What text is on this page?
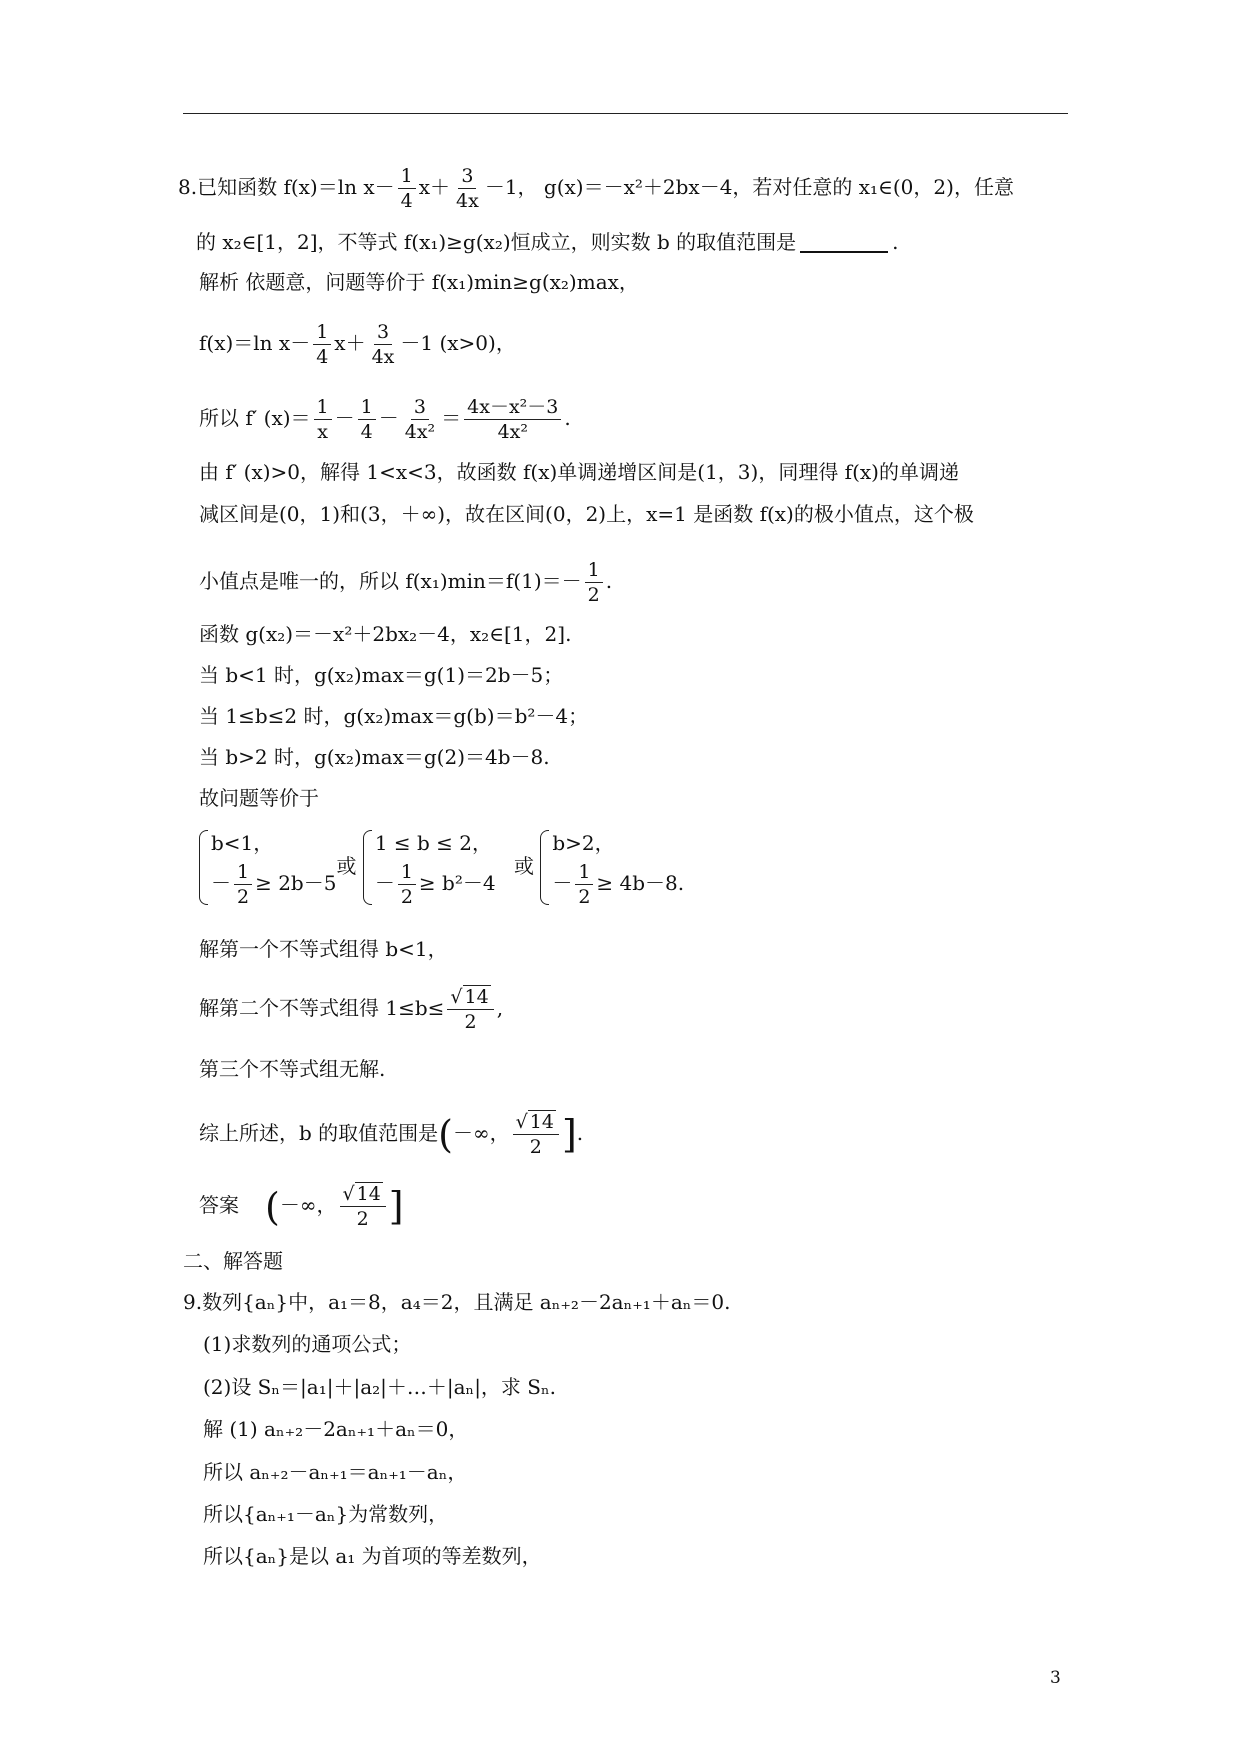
8.已知函数 f(x)＝ln $x- \frac{1}{4} x+ \frac{3}{4x} -1$， g(x)＝－x²＋2bx－4，若对任意的 x₁∈(0，2)，任意
的 x₂∈[1，2]，不等式 f(x₁)≥g(x₂)恒成立，则实数 b 的取值范围是	.
解析 依题意，问题等价于 f(x₁)min≥g(x₂)max，
f(x)＝ln $x- \frac{1}{4} x+ \frac{3}{4x} -1$ (x>0)，
所以 f′ $(x)= \frac{1}{x} - \frac{1}{4} - \frac{3}{\text{4x²}} = \frac{\text{4x－x²－3}}{\text{4x²}}$ .
由 f′ (x)>0，解得 1<x<3，故函数 f(x)单调递增区间是(1，3)，同理得 f(x)的单调递
减区间是(0，1)和(3，＋∞)，故在区间(0，2)上，x=1 是函数 f(x)的极小值点，这个极
小值点是唯一的，所以 $f(x_1)\min=f(1)=- \frac{1}{2}$ .
函数 g(x₂)＝－x²＋2bx₂－4，x₂∈[1，2].
当 b<1 时，g(x₂)max＝g(1)＝2b－5；
当 1≤b≤2 时，g(x₂)max＝g(b)＝b²－4；
当 b>2 时，g(x₂)max＝g(2)＝4b－8.
故问题等价于
b<1，
－ $\frac{1}{2} \ge 2b-5$
或
1 ≤ b ≤ 2，
－ $\frac{1}{2} \ge b^2-4$
或
b>2，
－ $\frac{1}{2} \ge 4b-8$.
解第一个不等式组得 b<1，
解第二个不等式组得 $1\le b\le \frac{√ 14}{2}$ ,
第三个不等式组无解.
综上所述，b 的取值范围是(－∞， $\frac{√ 14}{2}$ ].
答案 (－∞， $\frac{√ 14}{2}$ ]
二、解答题
9.数列{aₙ}中，a₁＝8，a₄＝2，且满足 aₙ₊₂－2aₙ₊₁＋aₙ＝0.
(1)求数列的通项公式；
(2)设 Sₙ＝|a₁|＋|a₂|＋…＋|aₙ|，求 Sₙ.
解 (1) aₙ₊₂－2aₙ₊₁＋aₙ＝0，
所以 aₙ₊₂－aₙ₊₁＝aₙ₊₁－aₙ，
所以{aₙ₊₁－aₙ}为常数列，
所以{aₙ}是以 a₁ 为首项的等差数列，
3
